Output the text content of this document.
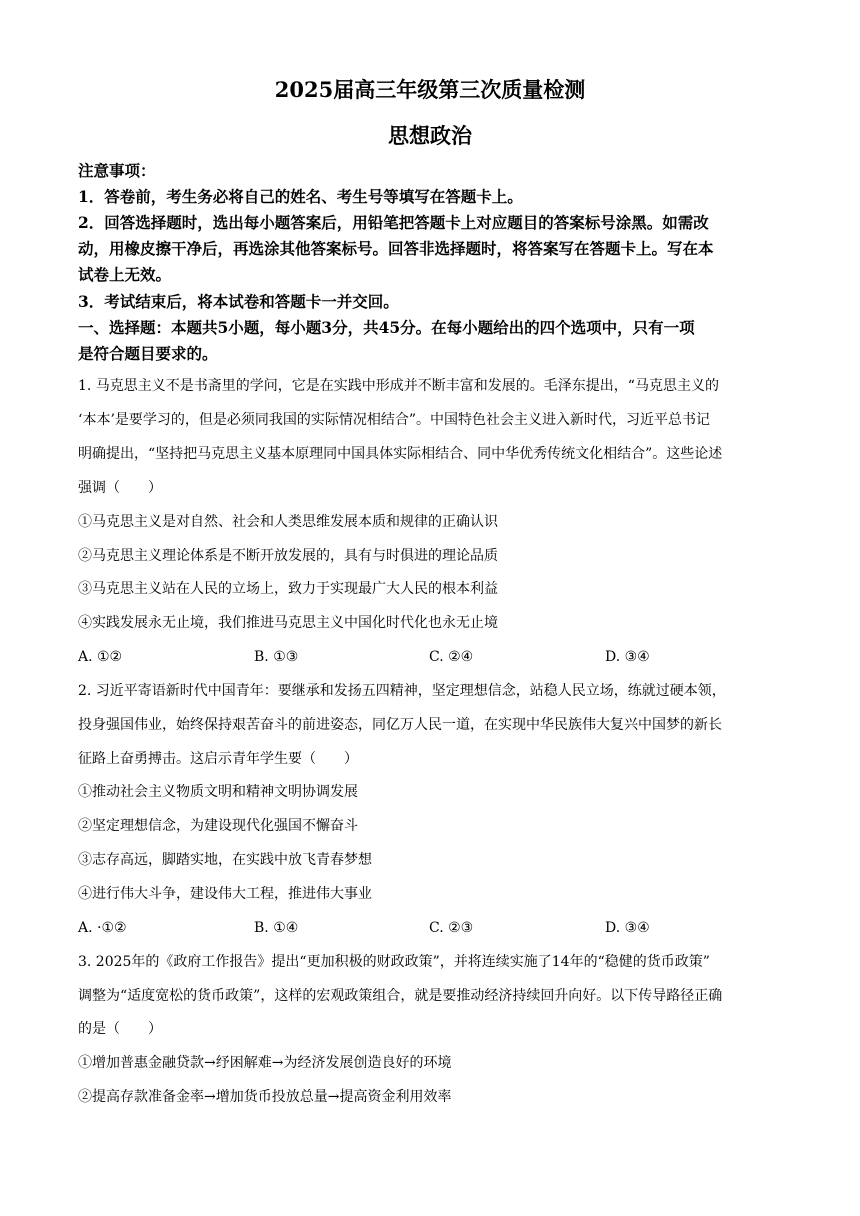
2025届高三年级第三次质量检测
思想政治
注意事项：
1．答卷前，考生务必将自己的姓名、考生号等填写在答题卡上。
2．回答选择题时，选出每小题答案后，用铅笔把答题卡上对应题目的答案标号涂黑。如需改
动，用橡皮擦干净后，再选涂其他答案标号。回答非选择题时，将答案写在答题卡上。写在本
试卷上无效。
3．考试结束后，将本试卷和答题卡一并交回。
一、选择题：本题共5小题，每小题3分，共45分。在每小题给出的四个选项中，只有一项
是符合题目要求的。
1. 马克思主义不是书斋里的学问，它是在实践中形成并不断丰富和发展的。毛泽东提出，“马克思主义的
‘本本’是要学习的，但是必须同我国的实际情况相结合”。中国特色社会主义进入新时代，习近平总书记
明确提出，“坚持把马克思主义基本原理同中国具体实际相结合、同中华优秀传统文化相结合”。这些论述
强调（　　）
①马克思主义是对自然、社会和人类思维发展本质和规律的正确认识
②马克思主义理论体系是不断开放发展的，具有与时俱进的理论品质
③马克思主义站在人民的立场上，致力于实现最广大人民的根本利益
④实践发展永无止境，我们推进马克思主义中国化时代化也永无止境
A. ①②	B. ①③	C. ②④	D. ③④
2. 习近平寄语新时代中国青年：要继承和发扬五四精神，坚定理想信念，站稳人民立场，练就过硬本领，
投身强国伟业，始终保持艰苦奋斗的前进姿态，同亿万人民一道，在实现中华民族伟大复兴中国梦的新长
征路上奋勇搏击。这启示青年学生要（　　）
①推动社会主义物质文明和精神文明协调发展
②坚定理想信念，为建设现代化强国不懈奋斗
③志存高远，脚踏实地，在实践中放飞青春梦想
④进行伟大斗争，建设伟大工程，推进伟大事业
A. ·①②	B. ①④	C. ②③	D. ③④
3. 2025年的《政府工作报告》提出“更加积极的财政政策”，并将连续实施了14年的“稳健的货币政策”
调整为“适度宽松的货币政策”，这样的宏观政策组合，就是要推动经济持续回升向好。以下传导路径正确
的是（　　）
①增加普惠金融贷款→纾困解难→为经济发展创造良好的环境
②提高存款准备金率→增加货币投放总量→提高资金利用效率
